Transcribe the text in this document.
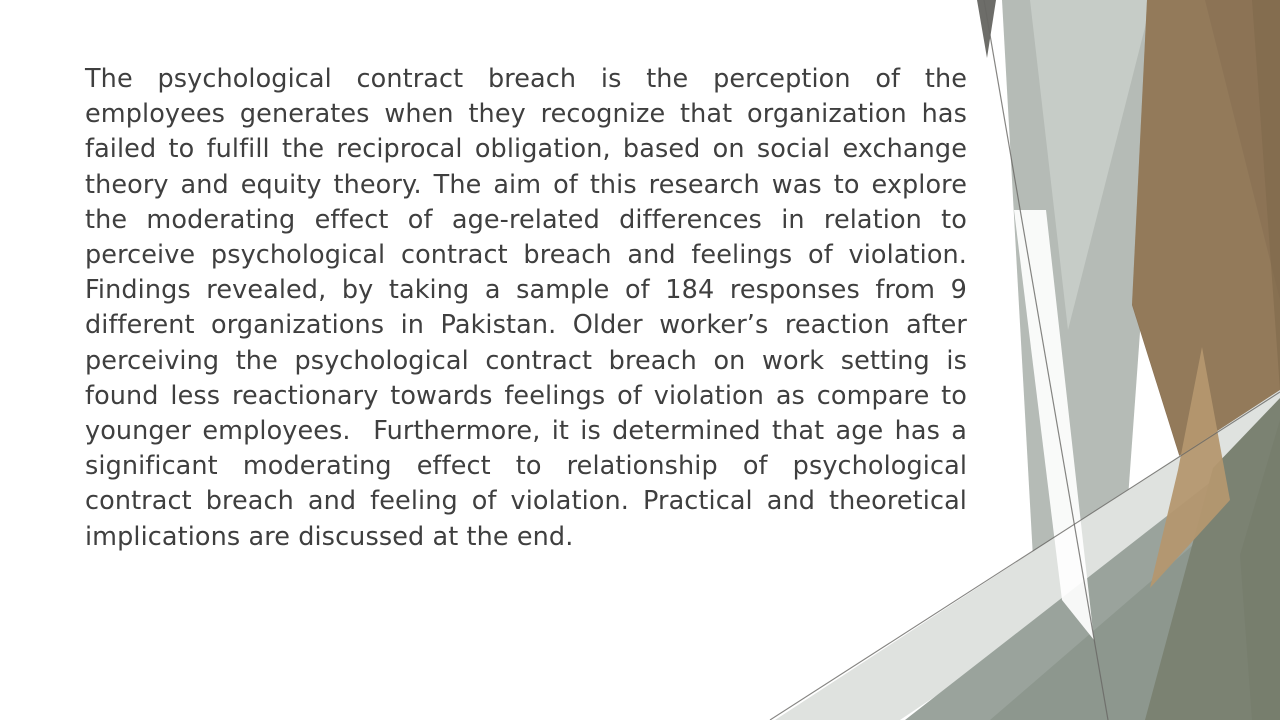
The psychological contract breach is the perception of the employees generates when they recognize that organization has failed to fulfill the reciprocal obligation, based on social exchange theory and equity theory. The aim of this research was to explore the moderating effect of age-related differences in relation to perceive psychological contract breach and feelings of violation. Findings revealed, by taking a sample of 184 responses from 9 different organizations in Pakistan. Older worker’s reaction after perceiving the psychological contract breach on work setting is found less reactionary towards feelings of violation as compare to younger employees.  Furthermore, it is determined that age has a significant moderating effect to relationship of psychological contract breach and feeling of violation. Practical and theoretical implications are discussed at the end.
